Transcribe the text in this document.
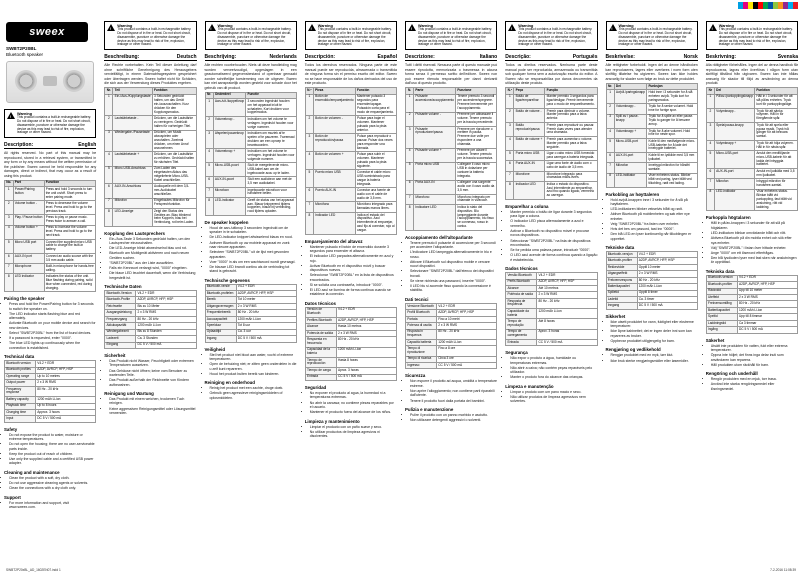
sweex
SWBT2P20BL
Bluetooth speaker
!
Warning
This product contains a built-in rechargeable battery. Do not dispose of in fire or heat. Do not short circuit, disassemble, puncture or otherwise damage the device as this may lead to risk of fire, explosion, leakage or other hazard.
Description:	English

All rights reserved. No part of this manual may be reproduced, stored in a retrieval system, or transmitted in any form or by any means without the written permission of the publisher. Sweex cannot be held responsible for any damages, direct or indirect, that may occur as a result of using this product.

No.	Part	Function
1	Power/Pairing button	Press and hold 3 seconds to turn the unit on/off. Short press to enter pairing mode.
2	Volume button -	Press to decrease the volume level. Press and hold to go to the previous track.
3	Play / Pause button	Press to play or pause music. Press twice to answer a call.
4	Volume button +	Press to increase the volume level. Press and hold to go to the next track.
5	Micro USB port	Connect the supplied micro USB cable to charge the built-in battery.
6	AUX-IN port	Connect an audio source with the 3.5 mm audio cable.
7	Microphone	Built-in microphone for hands-free calling.
8	LED indicator	Indicates the status of the unit. Blue flashing during pairing, solid blue when connected, red during charging.
Pairing the speaker
• Press and hold the Power/Pairing button for 3 seconds to switch the speaker on.
• The LED indicator starts flashing blue and red alternately.
• Activate Bluetooth on your mobile device and search for new devices.
• Select "SWBT2P20BL" from the list of found devices.
• If a password is requested, enter "0000".
• The blue LED lights up continuously when the connection is established.
Technical data
Bluetooth version	V4.2 + EDR
Bluetooth profiles	A2DP, AVRCP, HFP, HSP
Operating range	Up to 10 metres
Output power	2 x 3 W RMS
Frequency response	80 Hz - 20 kHz
Battery capacity	1200 mAh Li-ion
Playback time	Up to 8 hours
Charging time	Approx. 3 hours
Input	DC 5 V / 500 mA
Safety
• Do not expose the product to water, moisture or extreme temperatures.
• Do not open the housing; there are no user-serviceable parts inside.
• Keep the product out of reach of children.
• Use only the supplied cable and a certified USB power adapter.
Cleaning and maintenance
• Clean the product with a soft, dry cloth.
• Do not use aggressive cleaning agents or solvents.
• Clean the connections with a dry cloth only.
Support
• For more information and support, visit www.sweex.com.
!
Warning
This product contains a built-in rechargeable battery. Do not dispose of in fire or heat. Do not short circuit, disassemble, puncture or otherwise damage the device as this may lead to risk of fire, explosion, leakage or other hazard.
Beschreibung:	Deutsch

Alle Rechte vorbehalten. Kein Teil dieser Anleitung darf ohne schriftliche Genehmigung des Herausgebers vervielfältigt, in einem Datenabfragesystem gespeichert oder übertragen werden. Sweex haftet nicht für Schäden, die sich aus der Verwendung dieses Produktes ergeben.

Nr.	Teil	Funktion
1	Ein-/Aus-/Kopplungstaste	3 Sekunden gedrückt halten, um das Gerät ein-/auszuschalten. Kurz drücken für den Kopplungsmodus.
2	Lautstärketaste -	Drücken, um die Lautstärke zu verringern. Gedrückt halten für vorherigen Titel.
3	Wiedergabe-/Pausetaste	Drücken, um Musik abzuspielen oder anzuhalten. Zweimal drücken, um einen Anruf anzunehmen.
4	Lautstärketaste +	Drücken, um die Lautstärke zu erhöhen. Gedrückt halten für nächsten Titel.
5	Micro-USB-Anschluss	Zum Laden des eingebauten Akkus das mitgelieferte Micro-USB-Kabel anschließen.
6	AUX-IN-Anschluss	Audioquelle mit dem 3,5-mm-Audiokabel anschließen.
7	Mikrofon	Eingebautes Mikrofon für Freisprechfunktion.
8	LED-Anzeige	Zeigt den Status des Gerätes an. Blau blinkend beim Koppeln, blau bei Verbindung, rot beim Laden.
Kopplung des Lautsprechers
• Ein-/Aus-Taste 3 Sekunden gedrückt halten, um den Lautsprecher einzuschalten.
• Die LED-Anzeige blinkt abwechselnd blau und rot.
• Bluetooth am Mobilgerät aktivieren und nach neuen Geräten suchen.
• "SWBT2P20BL" aus der Liste auswählen.
• Falls ein Kennwort verlangt wird, "0000" eingeben.
• Die blaue LED leuchtet dauerhaft, wenn die Verbindung hergestellt ist.
Technische Daten
Bluetooth-Version	V4.2 + EDR
Bluetooth-Profile	A2DP, AVRCP, HFP, HSP
Reichweite	Bis zu 10 Meter
Ausgangsleistung	2 x 3 W RMS
Frequenzgang	80 Hz - 20 kHz
Akkukapazität	1200 mAh Li-Ion
Wiedergabezeit	Bis zu 8 Stunden
Ladezeit	Ca. 3 Stunden
Eingang	DC 5 V / 500 mA
Sicherheit
• Das Produkt nicht Wasser, Feuchtigkeit oder extremen Temperaturen aussetzen.
• Das Gehäuse nicht öffnen; keine vom Benutzer zu wartenden Teile.
• Das Produkt außerhalb der Reichweite von Kindern aufbewahren.
Reinigung und Wartung
• Das Produkt mit einem weichen, trockenen Tuch reinigen.
• Keine aggressiven Reinigungsmittel oder Lösungsmittel verwenden.
!
Warning
This product contains a built-in rechargeable battery. Do not dispose of in fire or heat. Do not short circuit, disassemble, puncture or otherwise damage the device as this may lead to risk of fire, explosion, leakage or other hazard.
Beschrijving:	Nederlands

Alle rechten voorbehouden. Niets uit deze handleiding mag worden verveelvoudigd, opgeslagen in een geautomatiseerd gegevensbestand of openbaar gemaakt zonder schriftelijke toestemming van de uitgever. Sweex kan niet aansprakelijk worden gesteld voor schade door het gebruik van dit product.

Nr.	Onderdeel	Functie
1	Aan-/uit-/koppelknop	3 seconden ingedrukt houden om het apparaat in/uit te schakelen. Kort drukken voor koppelmodus.
2	Volumeknop -	Indrukken om het volume te verlagen. Ingedrukt houden voor vorige nummer.
3	Afspelen/pauzeknop	Indrukken om muziek af te spelen of te pauzeren. Tweemaal drukken om een oproep te beantwoorden.
4	Volumeknop +	Indrukken om het volume te verhogen. Ingedrukt houden voor volgende nummer.
5	Micro-USB-poort	Sluit de meegeleverde micro-USB-kabel aan om de ingebouwde accu op te laden.
6	AUX-IN-poort	Sluit een audiobron aan met de 3,5 mm audiokabel.
7	Microfoon	Ingebouwde microfoon voor handsfree bellen.
8	LED-indicator	Geeft de status van het apparaat aan. Blauw knipperend tijdens koppelen, blauw bij verbinding, rood tijdens opladen.
De speaker koppelen
• Houd de aan-/uitknop 3 seconden ingedrukt om de speaker in te schakelen.
• De LED-indicator knippert afwisselend blauw en rood.
• Activeer Bluetooth op uw mobiele apparaat en zoek naar nieuwe apparaten.
• Selecteer "SWBT2P20BL" uit de lijst met gevonden apparaten.
• Voer "0000" in als om een wachtwoord wordt gevraagd.
• De blauwe LED brandt continu als de verbinding tot stand is gebracht.
Technische gegevens
Bluetooth-versie	V4.2 + EDR
Bluetooth-profielen	A2DP, AVRCP, HFP, HSP
Bereik	Tot 10 meter
Uitgangsvermogen	2 x 3 W RMS
Frequentiebereik	80 Hz - 20 kHz
Accucapaciteit	1200 mAh Li-ion
Speelduur	Tot 8 uur
Oplaadtijd	Ca. 3 uur
Ingang	DC 5 V / 500 mA
Veiligheid
• Stel het product niet bloot aan water, vocht of extreme temperaturen.
• Open de behuizing niet; er zitten geen onderdelen in die u zelf kunt repareren.
• Houd het product buiten bereik van kinderen.
Reiniging en onderhoud
• Reinig het product met een zachte, droge doek.
• Gebruik geen agressieve reinigingsmiddelen of oplosmiddelen.
!
Warning
This product contains a built-in rechargeable battery. Do not dispose of in fire or heat. Do not short circuit, disassemble, puncture or otherwise damage the device as this may lead to risk of fire, explosion, leakage or other hazard.
Descripción:	Español

Todos los derechos reservados. Ninguna parte de este manual puede ser reproducida, almacenada o transmitida de ninguna forma sin el permiso escrito del editor. Sweex no se hace responsable de los daños derivados del uso de este producto.

N.º	Pieza	Función
1	Botón de encendido/emparejamiento	Mantener pulsado 3 segundos para encender/apagar. Pulsación corta para el modo de emparejamiento.
2	Botón de volumen -	Pulsar para bajar el volumen. Mantener pulsado para la pista anterior.
3	Botón de reproducción/pausa	Pulsar para reproducir o pausar. Pulsar dos veces para responder una llamada.
4	Botón de volumen +	Pulsar para subir el volumen. Mantener pulsado para la pista siguiente.
5	Puerto micro USB	Conectar el cable micro USB suministrado para cargar la batería integrada.
6	Puerto AUX-IN	Conectar una fuente de audio con el cable de audio de 3,5 mm.
7	Micrófono	Micrófono integrado para llamadas manos libres.
8	Indicador LED	Indica el estado del dispositivo. Azul intermitente al emparejar, azul fijo al conectar, rojo al cargar.
Emparejamiento del altavoz
• Mantener pulsado el botón de encendido durante 3 segundos para encender el altavoz.
• El indicador LED parpadea alternativamente en azul y rojo.
• Activar Bluetooth en el dispositivo móvil y buscar dispositivos nuevos.
• Seleccionar "SWBT2P20BL" en la lista de dispositivos encontrados.
• Si se solicita una contraseña, introducir "0000".
• El LED azul se ilumina de forma continua cuando se establece la conexión.
Datos técnicos
Versión de Bluetooth	V4.2 + EDR
Perfiles Bluetooth	A2DP, AVRCP, HFP, HSP
Alcance	Hasta 10 metros
Potencia de salida	2 x 3 W RMS
Respuesta en frecuencia	80 Hz - 20 kHz
Capacidad de la batería	1200 mAh Li-ion
Tiempo de reproducción	Hasta 8 horas
Tiempo de carga	Aprox. 3 horas
Entrada	CC 5 V / 500 mA
Seguridad
• No exponer el producto al agua, la humedad ni a temperaturas extremas.
• No abrir la carcasa; no contiene piezas reparables por el usuario.
• Mantener el producto fuera del alcance de los niños.
Limpieza y mantenimiento
• Limpiar el producto con un paño suave y seco.
• No utilizar productos de limpieza agresivos ni disolventes.
!
Warning
This product contains a built-in rechargeable battery. Do not dispose of in fire or heat. Do not short circuit, disassemble, puncture or otherwise damage the device as this may lead to risk of fire, explosion, leakage or other hazard.
Descrizione:	Italiano

Tutti i diritti riservati. Nessuna parte di questo manuale può essere riprodotta, memorizzata o trasmessa in alcuna forma senza il permesso scritto dell'editore. Sweex non può essere ritenuta responsabile per danni derivanti dall'uso di questo prodotto.

N.	Parte	Funzione
1	Pulsante accensione/accoppiamento	Tenere premuto 3 secondi per accendere/spegnere. Premere brevemente per l'accoppiamento.
2	Pulsante volume -	Premere per abbassare il volume. Tenere premuto per la traccia precedente.
3	Pulsante riproduzione/pausa	Premere per riprodurre o mettere in pausa. Premere due volte per rispondere a una chiamata.
4	Pulsante volume +	Premere per alzare il volume. Tenere premuto per la traccia successiva.
5	Porta micro USB	Collegare il cavo micro USB in dotazione per caricare la batteria integrata.
6	Porta AUX-IN	Collegare una sorgente audio con il cavo audio da 3,5 mm.
7	Microfono	Microfono integrato per chiamate in vivavoce.
8	Indicatore LED	Indica lo stato del dispositivo. Blu lampeggiante durante l'accoppiamento, blu fisso se connesso, rosso in carica.
Accoppiamento dell'altoparlante
• Tenere premuto il pulsante di accensione per 3 secondi per accendere l'altoparlante.
• L'indicatore LED lampeggia alternativamente in blu e rosso.
• Attivare il Bluetooth sul dispositivo mobile e cercare nuovi dispositivi.
• Selezionare "SWBT2P20BL" dall'elenco dei dispositivi trovati.
• Se viene richiesta una password, inserire "0000".
• Il LED blu si accende fisso quando la connessione è stabilita.
Dati tecnici
Versione Bluetooth	V4.2 + EDR
Profili Bluetooth	A2DP, AVRCP, HFP, HSP
Portata	Fino a 10 metri
Potenza di uscita	2 x 3 W RMS
Risposta in frequenza	80 Hz - 20 kHz
Capacità batteria	1200 mAh Li-ion
Tempo di riproduzione	Fino a 8 ore
Tempo di ricarica	Circa 3 ore
Ingresso	CC 5 V / 500 mA
Sicurezza
• Non esporre il prodotto ad acqua, umidità o temperature estreme.
• Non aprire l'alloggiamento; non contiene parti riparabili dall'utente.
• Tenere il prodotto fuori dalla portata dei bambini.
Pulizia e manutenzione
• Pulire il prodotto con un panno morbido e asciutto.
• Non utilizzare detergenti aggressivi o solventi.
!
Warning
This product contains a built-in rechargeable battery. Do not dispose of in fire or heat. Do not short circuit, disassemble, puncture or otherwise damage the device as this may lead to risk of fire, explosion, leakage or other hazard.
Descrição:	Português

Todos os direitos reservados. Nenhuma parte deste manual pode ser reproduzida, armazenada ou transmitida sob qualquer forma sem a autorização escrita do editor. A Sweex não se responsabiliza por danos decorrentes da utilização deste produto.

N.º	Peça	Função
1	Botão de ligar/emparelhar	Manter premido 3 segundos para ligar/desligar. Premir brevemente para o modo de emparelhamento.
2	Botão de volume -	Premir para diminuir o volume. Manter premido para a faixa anterior.
3	Botão reproduzir/pausa	Premir para reproduzir ou pausar. Premir duas vezes para atender uma chamada.
4	Botão de volume +	Premir para aumentar o volume. Manter premido para a faixa seguinte.
5	Porta micro USB	Ligar o cabo micro USB fornecido para carregar a bateria integrada.
6	Porta AUX-IN	Ligar uma fonte de áudio com o cabo de áudio de 3,5 mm.
7	Microfone	Microfone integrado para chamadas mãos-livres.
8	Indicador LED	Indica o estado do dispositivo. Azul intermitente ao emparelhar, azul fixo quando ligado, vermelho ao carregar.
Emparelhar a coluna
• Manter premido o botão de ligar durante 3 segundos para ligar a coluna.
• O indicador LED pisca alternadamente a azul e vermelho.
• Activar o Bluetooth no dispositivo móvel e procurar novos dispositivos.
• Seleccionar "SWBT2P20BL" na lista de dispositivos encontrados.
• Se for pedida uma palavra-passe, introduzir "0000".
• O LED azul acende de forma contínua quando a ligação é estabelecida.
Dados técnicos
Versão Bluetooth	V4.2 + EDR
Perfis Bluetooth	A2DP, AVRCP, HFP, HSP
Alcance	Até 10 metros
Potência de saída	2 x 3 W RMS
Resposta de frequência	80 Hz - 20 kHz
Capacidade da bateria	1200 mAh Li-ion
Tempo de reprodução	Até 8 horas
Tempo de carregamento	Aprox. 3 horas
Entrada	CC 5 V / 500 mA
Segurança
• Não expor o produto a água, humidade ou temperaturas extremas.
• Não abrir a caixa; não contém peças reparáveis pelo utilizador.
• Manter o produto fora do alcance das crianças.
Limpeza e manutenção
• Limpar o produto com um pano macio e seco.
• Não utilizar produtos de limpeza agressivos nem solventes.
!
Warning
This product contains a built-in rechargeable battery. Do not dispose of in fire or heat. Do not short circuit, disassemble, puncture or otherwise damage the device as this may lead to risk of fire, explosion, leakage or other hazard.
Beskrivelse:	Norsk

Alle rettigheter forbeholdt. Ingen del av denne håndboken kan reproduseres, lagres eller overføres i noen form uten skriftlig tillatelse fra utgiveren. Sweex kan ikke holdes ansvarlig for skader som følge av bruk av dette produktet.

Nr.	Del	Funksjon
1	Av/på-/paringsknapp	Hold inne i 3 sekunder for å slå enheten av/på. Trykk kort for paringsmodus.
2	Volumknapp -	Trykk for å senke volumet. Hold inne for forrige spor.
3	Spill av / pause-knapp	Trykk for å spille av eller pause. Trykk to ganger for å besvare anrop.
4	Volumknapp +	Trykk for å øke volumet. Hold inne for neste spor.
5	Micro-USB-port	Koble til den medfølgende micro-USB-kabelen for å lade det innebygde batteriet.
6	AUX-IN-port	Koble til en lydkilde med 3,5 mm lydkabel.
7	Mikrofon	Innebygd mikrofon for håndfri samtale.
8	LED-indikator	Viser enhetens status. Blinker blått ved paring, lyser blått ved tilkobling, rødt ved lading.
Parkobling av høyttaleren
• Hold av/på-knappen inne i 3 sekunder for å slå på høyttaleren.
• LED-indikatoren blinker vekselvis blått og rødt.
• Aktiver Bluetooth på mobilenheten og søk etter nye enheter.
• Velg "SWBT2P20BL" fra listen over enheter.
• Hvis det bes om passord, tast inn "0000".
• Den blå LED-en lyser kontinuerlig når tilkoblingen er opprettet.
Tekniske data
Bluetooth-versjon	V4.2 + EDR
Bluetooth-profiler	A2DP, AVRCP, HFP, HSP
Rekkevidde	Opptil 10 meter
Utgangseffekt	2 x 3 W RMS
Frekvensrespons	80 Hz - 20 kHz
Batterikapasitet	1200 mAh Li-ion
Spilletid	Opptil 8 timer
Ladetid	Ca. 3 timer
Inngang	DC 5 V / 500 mA
Sikkerhet
• Ikke utsett produktet for vann, fuktighet eller ekstreme temperaturer.
• Ikke åpne kabinettet; det er ingen deler inni som kan repareres av bruker.
• Oppbevar produktet utilgjengelig for barn.
Rengjøring og vedlikehold
• Rengjør produktet med en myk, tørr klut.
• Ikke bruk sterke rengjøringsmidler eller løsemidler.
!
Warning
This product contains a built-in rechargeable battery. Do not dispose of in fire or heat. Do not short circuit, disassemble, puncture or otherwise damage the device as this may lead to risk of fire, explosion, leakage or other hazard.
Beskrivning:	Svenska

Alla rättigheter förbehålles. Ingen del av denna handbok får reproduceras, lagras eller överföras i någon form utan skriftligt tillstånd från utgivaren. Sweex kan inte hållas ansvarig för skador till följd av användning av denna produkt.

Nr	Del	Funktion
1	På/av-/parkopplingsknapp	Håll in i 3 sekunder för att slå på/av enheten. Tryck kort för parkopplingsläge.
2	Volymknapp -	Tryck för att sänka volymen. Håll in för föregående spår.
3	Spela/pausa-knapp	Tryck för att spela eller pausa musik. Tryck två gånger för att besvara samtal.
4	Volymknapp +	Tryck för att höja volymen. Håll in för nästa spår.
5	Micro-USB-port	Anslut den medföljande micro-USB-kabeln för att ladda det inbyggda batteriet.
6	AUX-IN-port	Anslut en ljudkälla med 3,5 mm ljudkabel.
7	Mikrofon	Inbyggd mikrofon för handsfree-samtal.
8	LED-indikator	Visar enhetens status. Blinkar blått vid parkoppling, fast blått vid anslutning, rött vid laddning.
Parkoppla högtalaren
• Håll in på/av-knappen i 3 sekunder för att slå på högtalaren.
• LED-indikatorn blinkar omväxlande blått och rött.
• Aktivera Bluetooth på din mobila enhet och sök efter nya enheter.
• Välj "SWBT2P20BL" i listan över hittade enheter.
• Ange "0000" om ett lösenord efterfrågas.
• Den blå lysdioden lyser med fast sken när anslutningen är upprättad.
Tekniska data
Bluetooth-version	V4.2 + EDR
Bluetooth-profiler	A2DP, AVRCP, HFP, HSP
Räckvidd	Upp till 10 meter
Uteffekt	2 x 3 W RMS
Frekvensomfång	80 Hz - 20 kHz
Batterikapacitet	1200 mAh Li-ion
Speltid	Upp till 8 timmar
Laddningstid	Ca 3 timmar
Ingång	DC 5 V / 500 mA
Säkerhet
• Utsätt inte produkten för vatten, fukt eller extrema temperaturer.
• Öppna inte höljet; det finns inga delar inuti som användaren kan reparera.
• Håll produkten utom räckhåll för barn.
Rengöring och underhåll
• Rengör produkten med en mjuk, torr trasa.
• Använd inte starka rengöringsmedel eller lösningsmedel.
SWBT2P20xBL_AD_1602EN07.indd 1	7-2-2016 11:08:39
